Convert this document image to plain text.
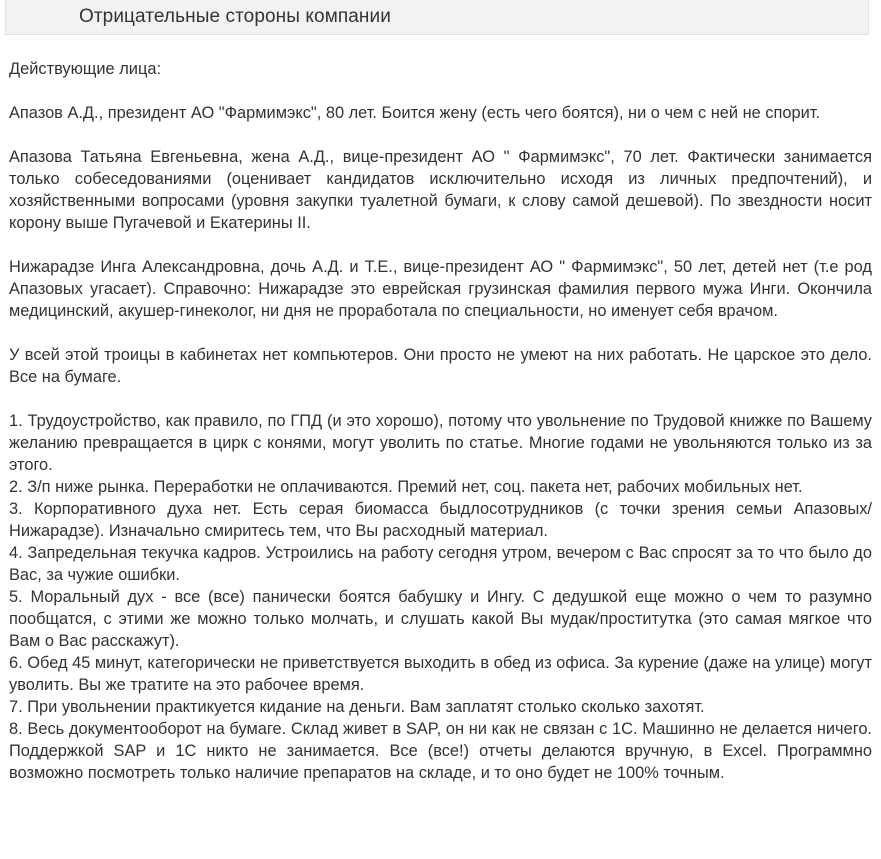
Отрицательные стороны компании

Действующие лица:

Апазов А.Д., президент АО "Фармимэкс", 80 лет. Боится жену (есть чего боятся), ни о чем с ней не спорит.

Апазова Татьяна Евгеньевна, жена А.Д., вице-президент АО " Фармимэкс", 70 лет. Фактически занимается только собеседованиями (оценивает кандидатов исключительно исходя из личных предпочтений), и хозяйственными вопросами (уровня закупки туалетной бумаги, к слову самой дешевой). По звездности носит корону выше Пугачевой и Екатерины II.

Нижарадзе Инга Александровна, дочь А.Д. и Т.Е., вице-президент АО " Фармимэкс", 50 лет, детей нет (т.е род Апазовых угасает). Справочно: Нижарадзе это еврейская грузинская фамилия первого мужа Инги. Окончила медицинский, акушер-гинеколог, ни дня не проработала по специальности, но именует себя врачом.

У всей этой троицы в кабинетах нет компьютеров. Они просто не умеют на них работать. Не царское это дело. Все на бумаге.

1. Трудоустройство, как правило, по ГПД (и это хорошо), потому что увольнение по Трудовой книжке по Вашему желанию превращается в цирк с конями, могут уволить по статье. Многие годами не увольняются только из за этого.
2. З/п ниже рынка. Переработки не оплачиваются. Премий нет, соц. пакета нет, рабочих мобильных нет.
3. Корпоративного духа нет. Есть серая биомасса быдлосотрудников (с точки зрения семьи Апазовых/ Нижарадзе). Изначально смиритесь тем, что Вы расходный материал.
4. Запредельная текучка кадров. Устроились на работу сегодня утром, вечером с Вас спросят за то что было до Вас, за чужие ошибки.
5. Моральный дух - все (все) панически боятся бабушку и Ингу. С дедушкой еще можно о чем то разумно пообщатся, с этими же можно только молчать, и слушать какой Вы мудак/проститутка (это самая мягкое что Вам о Вас расскажут).
6. Обед 45 минут, категорически не приветствуется выходить в обед из офиса. За курение (даже на улице) могут уволить. Вы же тратите на это рабочее время.
7. При увольнении практикуется кидание на деньги. Вам заплатят столько сколько захотят.
8. Весь документооборот на бумаге. Склад живет в SAP, он ни как не связан с 1С. Машинно не делается ничего. Поддержкой SAP и 1С никто не занимается. Все (все!) отчеты делаются вручную, в Excel. Программно возможно посмотреть только наличие препаратов на складе, и то оно будет не 100% точным.
